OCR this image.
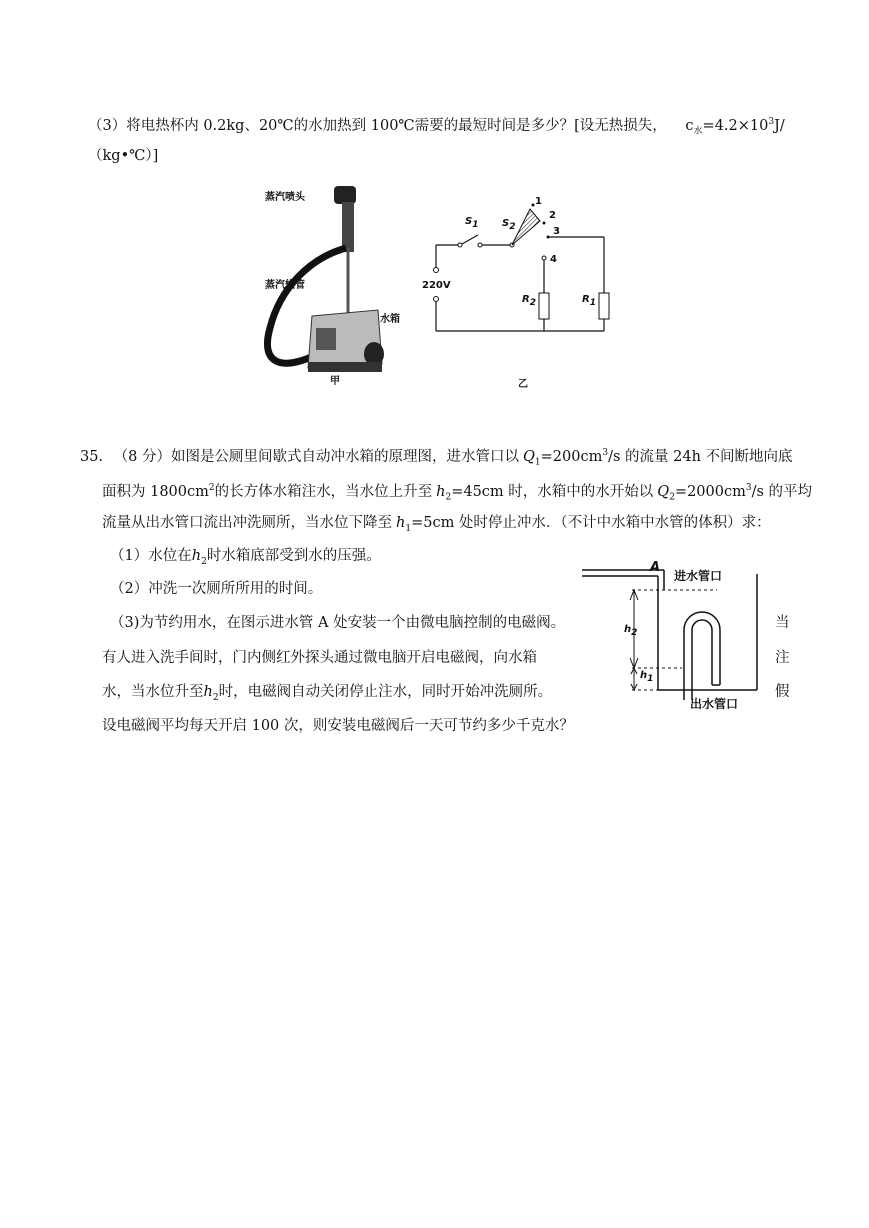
（3）将电热杯内 0.2kg、20℃的水加热到 100℃需要的最短时间是多少？[设无热损失， $c_水=4.2\times 10^3J/$
（kg•℃）]
蒸汽喷头
蒸汽软管
水箱
甲
$S_1$ $S_2$
1
2
3
4
220V
$R_2$	$R_1$
乙
35. （8 分）如图是公厕里间歇式自动冲水箱的原理图，进水管口以 $Q_1=200cm^3/s$ 的流量 24h 不间断地向底
面积为 $1800cm^2$的长方体水箱注水，当水位上升至 $h_2=45cm$ 时，水箱中的水开始以 $Q_2=2000cm^3/s$ 的平均
流量从出水管口流出冲洗厕所，当水位下降至 $h_1=5cm$ 处时停止冲水．（不计中水箱中水管的体积）求：
（1）水位在$h_2$时水箱底部受到水的压强。
（2）冲洗一次厕所所用的时间。
（3)为节约用水，在图示进水管 A 处安装一个由微电脑控制的电磁阀。	当
有人进入洗手间时，门内侧红外探头通过微电脑开启电磁阀，向水箱	注
水，当水位升至$h_2$时，电磁阀自动关闭停止注水，同时开始冲洗厕所。	假
设电磁阀平均每天开启 100 次，则安装电磁阀后一天可节约多少千克水？
A
进水管口
$h_2$
$h_1$
出水管口
